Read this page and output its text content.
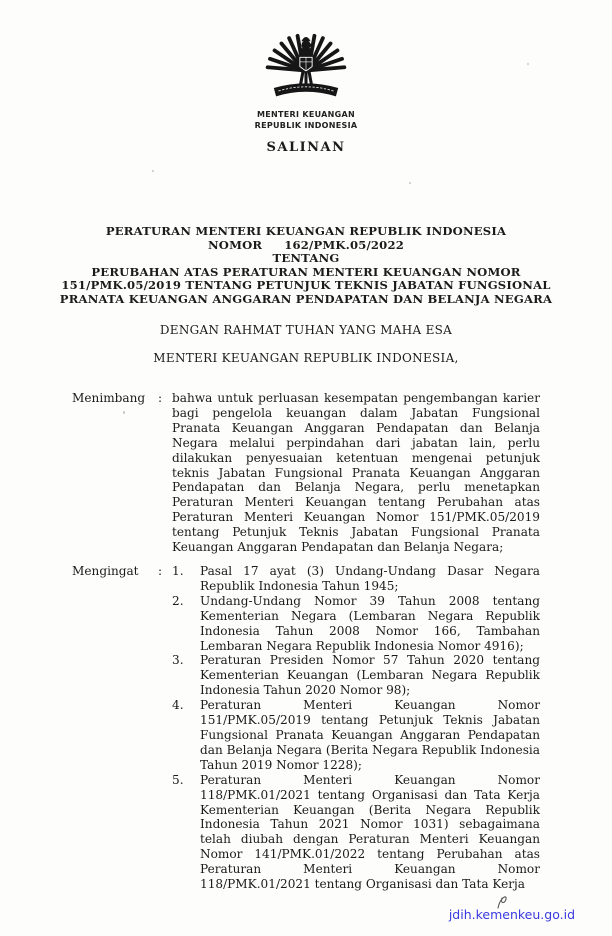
MENTERI KEUANGAN
REPUBLIK INDONESIA
SALINAN
PERATURAN MENTERI KEUANGAN REPUBLIK INDONESIA
NOMOR 162/PMK.05/2022
TENTANG
PERUBAHAN ATAS PERATURAN MENTERI KEUANGAN NOMOR
151/PMK.05/2019 TENTANG PETUNJUK TEKNIS JABATAN FUNGSIONAL
PRANATA KEUANGAN ANGGARAN PENDAPATAN DAN BELANJA NEGARA
DENGAN RAHMAT TUHAN YANG MAHA ESA
MENTERI KEUANGAN REPUBLIK INDONESIA,
Menimbang	: bahwa untuk perluasan kesempatan pengembangan karier bagi pengelola keuangan dalam Jabatan Fungsional Pranata Keuangan Anggaran Pendapatan dan Belanja Negara melalui perpindahan dari jabatan lain, perlu dilakukan penyesuaian ketentuan mengenai petunjuk teknis Jabatan Fungsional Pranata Keuangan Anggaran Pendapatan dan Belanja Negara, perlu menetapkan Peraturan Menteri Keuangan tentang Perubahan atas Peraturan Menteri Keuangan Nomor 151/PMK.05/2019 tentang Petunjuk Teknis Jabatan Fungsional Pranata Keuangan Anggaran Pendapatan dan Belanja Negara;
Mengingat	: 1.	Pasal 17 ayat (3) Undang-Undang Dasar Negara Republik Indonesia Tahun 1945;
2.	Undang-Undang Nomor 39 Tahun 2008 tentang Kementerian Negara (Lembaran Negara Republik Indonesia Tahun 2008 Nomor 166, Tambahan Lembaran Negara Republik Indonesia Nomor 4916);
3.	Peraturan Presiden Nomor 57 Tahun 2020 tentang Kementerian Keuangan (Lembaran Negara Republik Indonesia Tahun 2020 Nomor 98);
4.	Peraturan Menteri Keuangan Nomor 151/PMK.05/2019 tentang Petunjuk Teknis Jabatan Fungsional Pranata Keuangan Anggaran Pendapatan dan Belanja Negara (Berita Negara Republik Indonesia Tahun 2019 Nomor 1228);
5.	Peraturan Menteri Keuangan Nomor 118/PMK.01/2021 tentang Organisasi dan Tata Kerja Kementerian Keuangan (Berita Negara Republik Indonesia Tahun 2021 Nomor 1031) sebagaimana telah diubah dengan Peraturan Menteri Keuangan Nomor 141/PMK.01/2022 tentang Perubahan atas Peraturan Menteri Keuangan Nomor 118/PMK.01/2021 tentang Organisasi dan Tata Kerja
jdih.kemenkeu.go.id
